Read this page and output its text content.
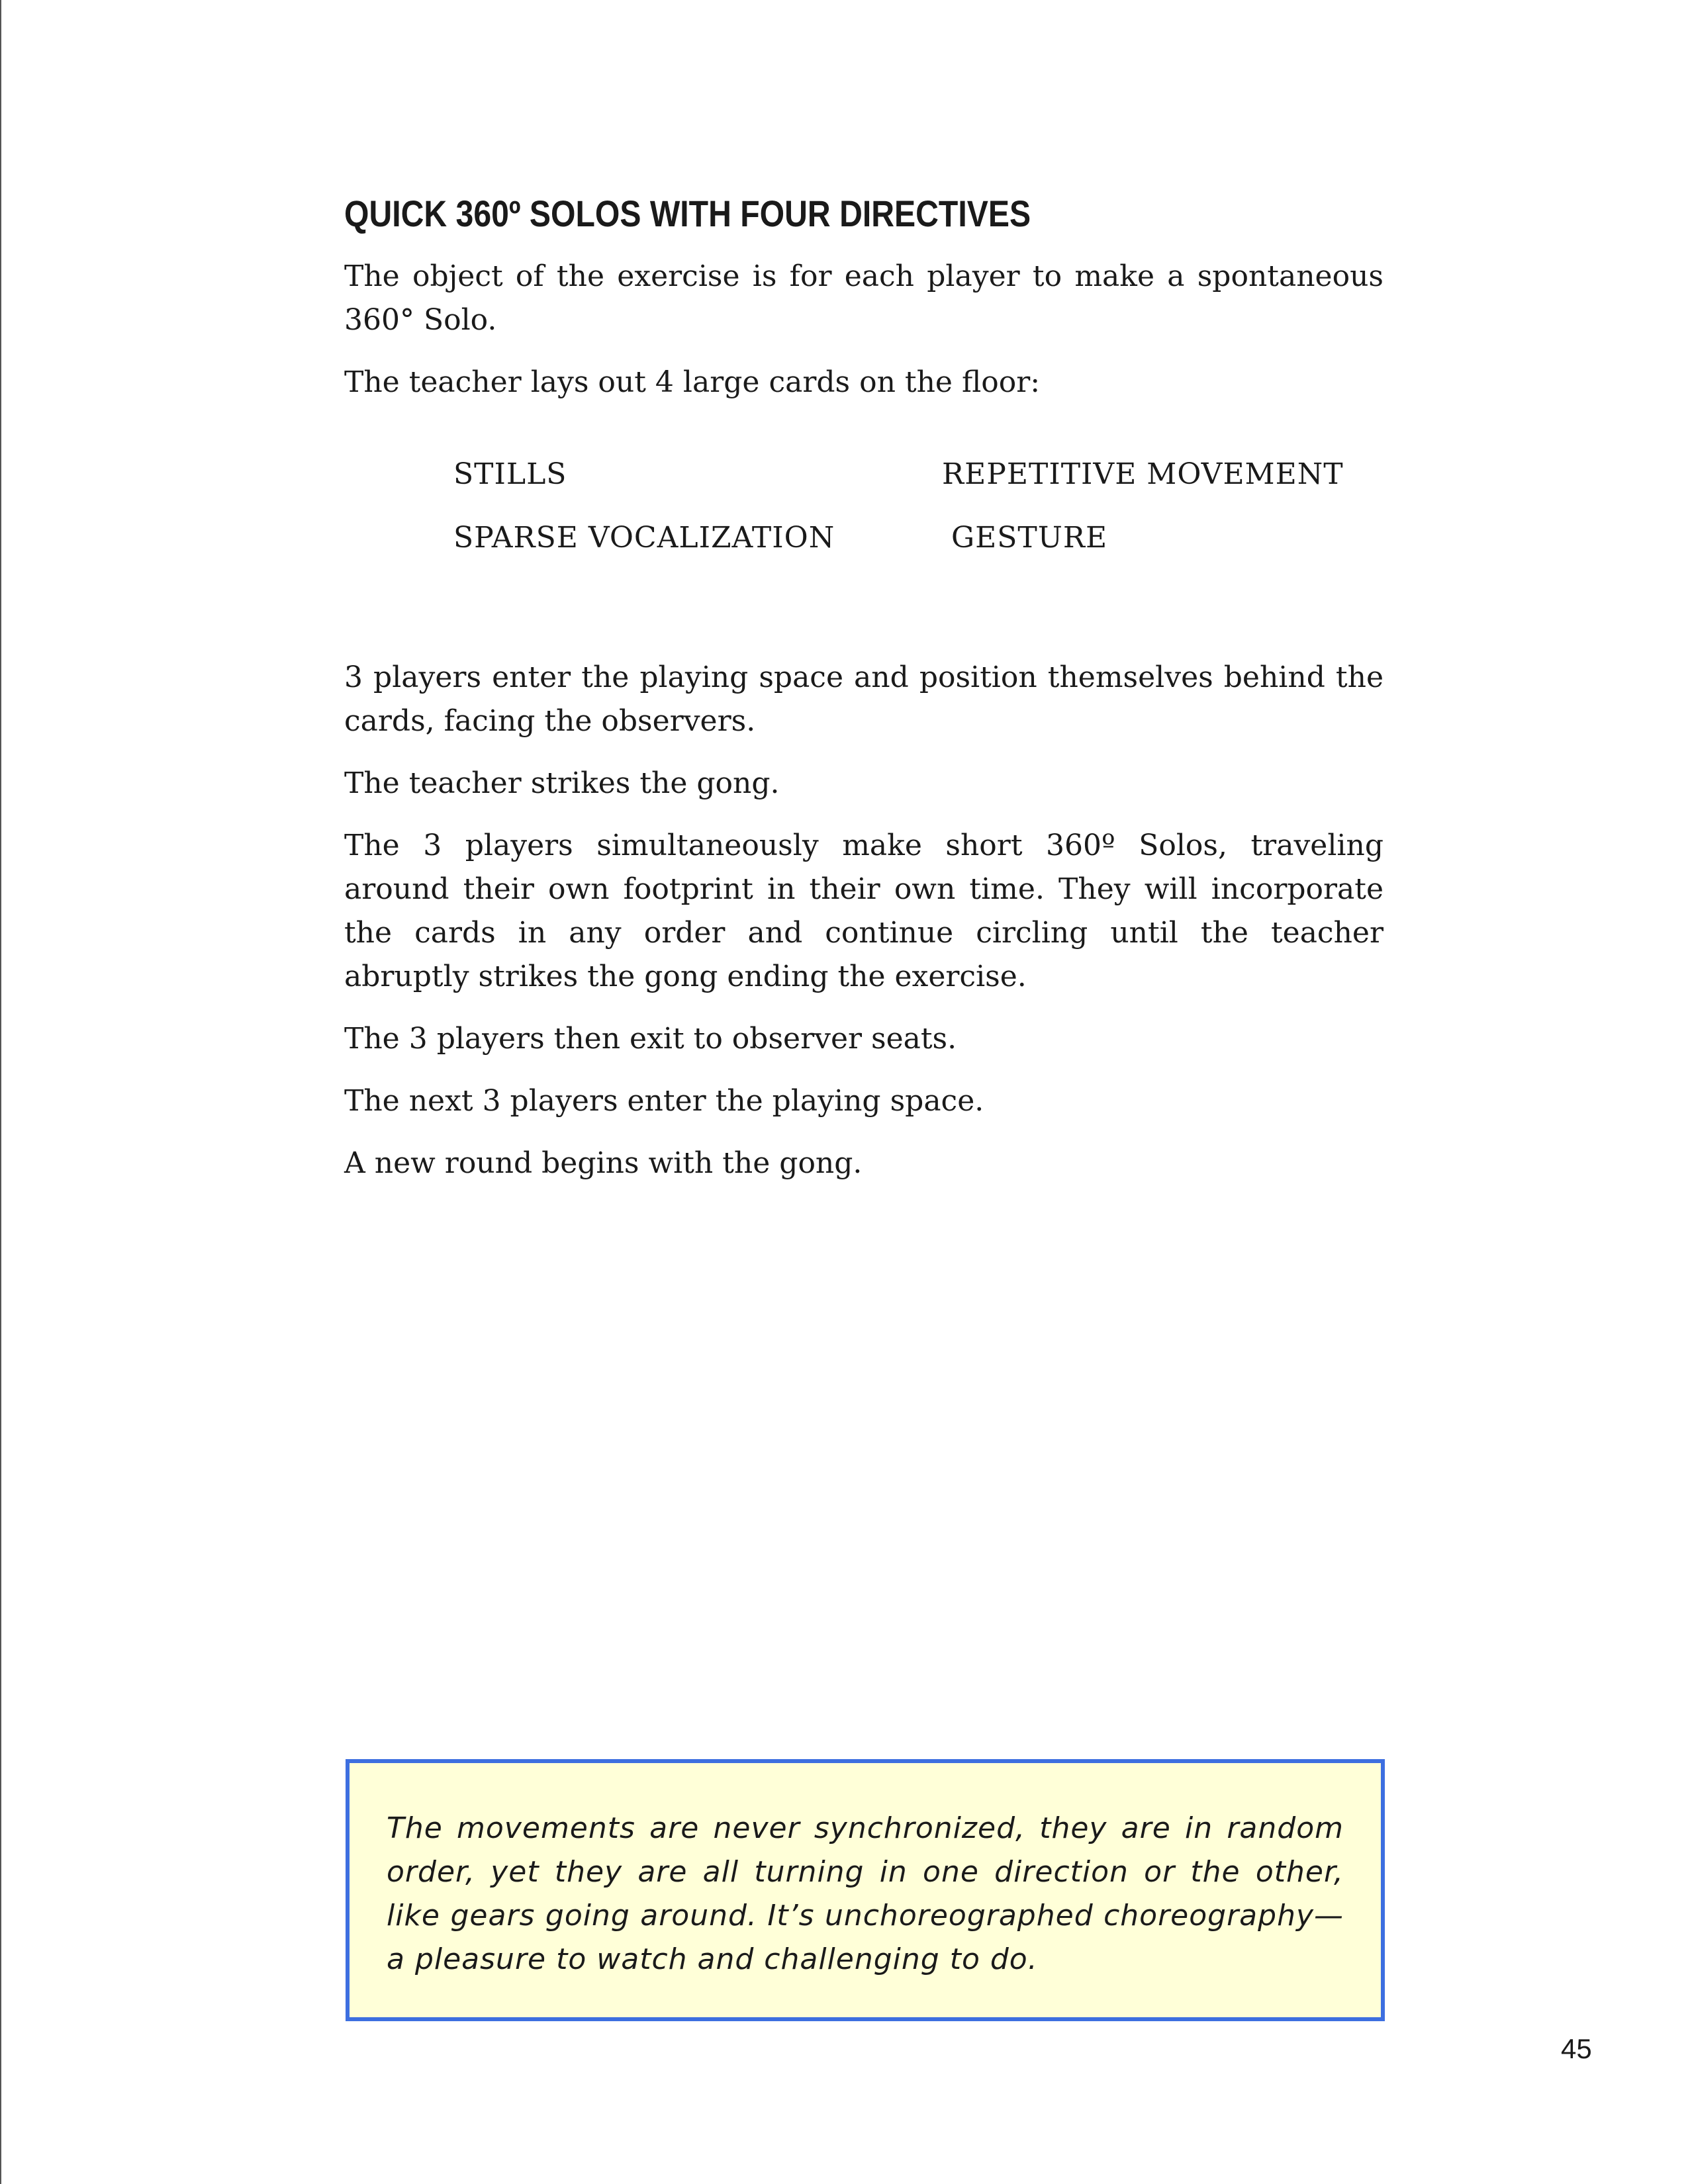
QUICK 360º SOLOS WITH FOUR DIRECTIVES

The object of the exercise is for each player to make a spontaneous 360° Solo.

The teacher lays out 4 large cards on the floor:

STILLS	REPETITIVE MOVEMENT
SPARSE VOCALIZATION	GESTURE

3 players enter the playing space and position themselves behind the cards, facing the observers.

The teacher strikes the gong.

The 3 players simultaneously make short 360º Solos, traveling around their own footprint in their own time. They will incorporate the cards in any order and continue circling until the teacher abruptly strikes the gong ending the exercise.

The 3 players then exit to observer seats.

The next 3 players enter the playing space.

A new round begins with the gong.

The movements are never synchronized, they are in random order, yet they are all turning in one direction or the other, like gears going around. It’s unchoreographed choreography—a pleasure to watch and challenging to do.

45
